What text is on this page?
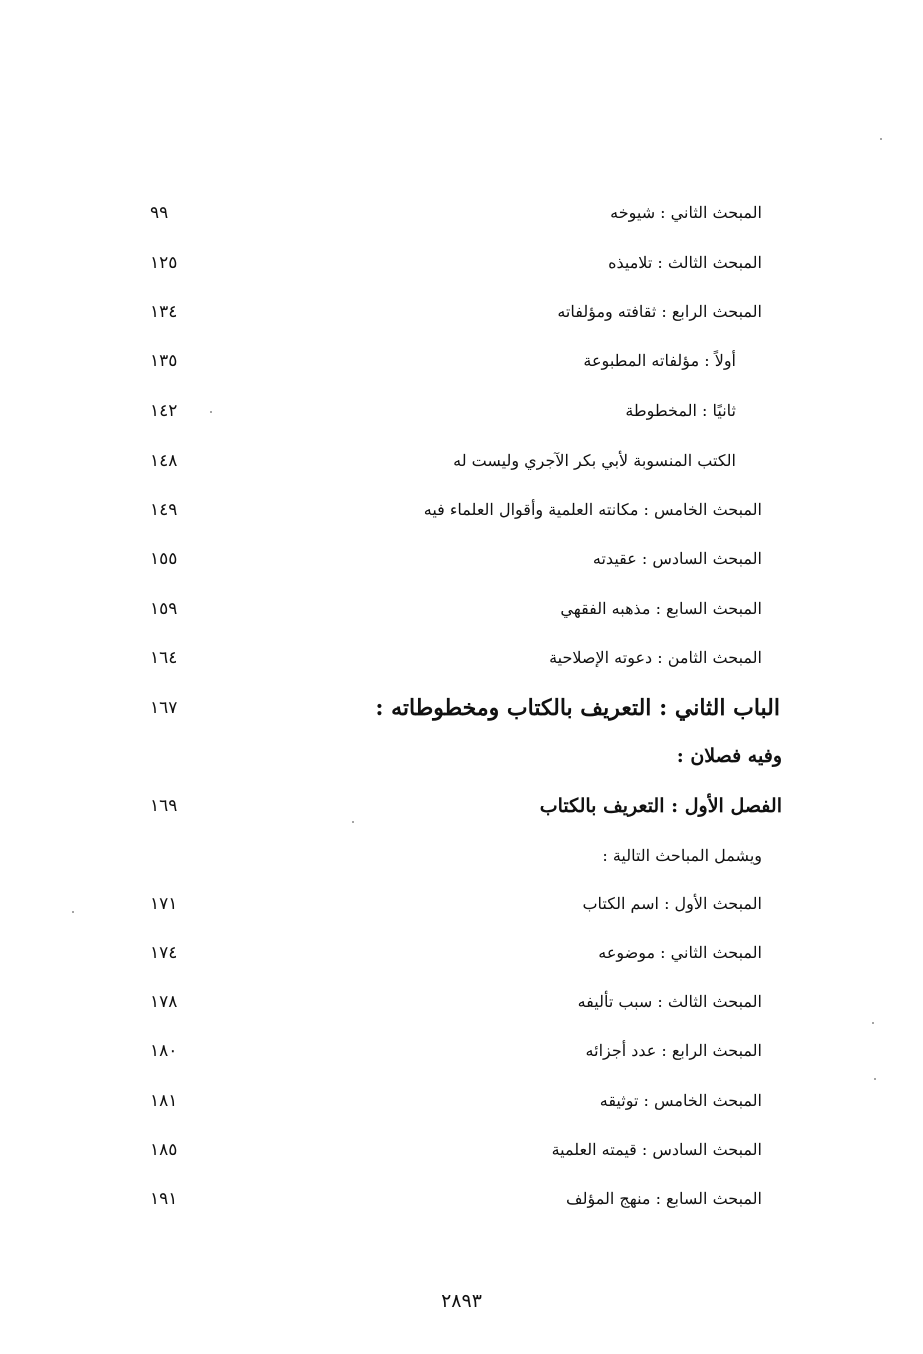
المبحث الثاني : شيوخه
٩٩
المبحث الثالث : تلاميذه
١٢٥
المبحث الرابع : ثقافته ومؤلفاته
١٣٤
أولاً : مؤلفاته المطبوعة
١٣٥
ثانيًا : المخطوطة
١٤٢
الكتب المنسوبة لأبي بكر الآجري وليست له
١٤٨
المبحث الخامس : مكانته العلمية وأقوال العلماء فيه
١٤٩
المبحث السادس : عقيدته
١٥٥
المبحث السابع : مذهبه الفقهي
١٥٩
المبحث الثامن : دعوته الإصلاحية
١٦٤
الباب الثاني : التعريف بالكتاب ومخطوطاته :
١٦٧
وفيه فصلان :
الفصل الأول : التعريف بالكتاب
١٦٩
ويشمل المباحث التالية :
المبحث الأول : اسم الكتاب
١٧١
المبحث الثاني : موضوعه
١٧٤
المبحث الثالث : سبب تأليفه
١٧٨
المبحث الرابع : عدد أجزائه
١٨٠
المبحث الخامس : توثيقه
١٨١
المبحث السادس : قيمته العلمية
١٨٥
المبحث السابع : منهج المؤلف
١٩١
٢٨٩٣
